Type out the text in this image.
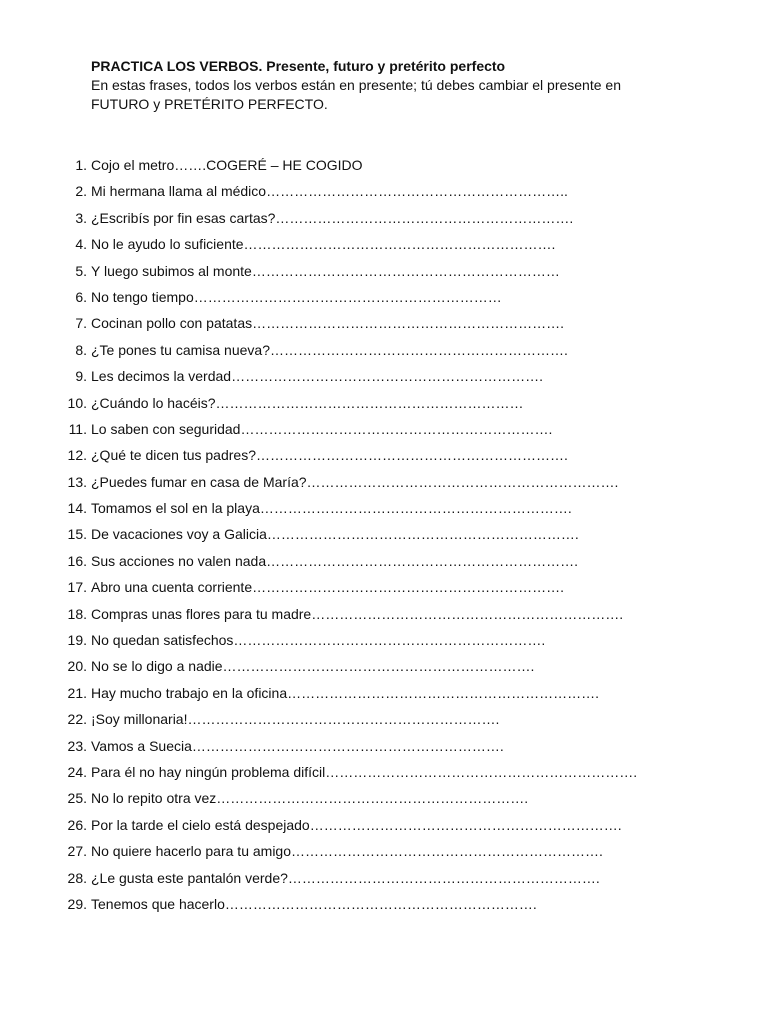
PRACTICA LOS VERBOS. Presente, futuro y pretérito perfecto

En estas frases, todos los verbos están en presente; tú debes cambiar el presente en

FUTURO y PRETÉRITO PERFECTO.

1. Cojo el metro…….COGERÉ – HE COGIDO
2. Mi hermana llama al médico………………………………………………………..
3. ¿Escribís por fin esas cartas?……………………………………………………….
4. No le ayudo lo suficiente………………………………………………………….
5. Y luego subimos al monte…………………………………………………………
6. No tengo tiempo…………………………………………………………
7. Cocinan pollo con patatas………………………………………………………….
8. ¿Te pones tu camisa nueva?……………………………………………………….
9. Les decimos la verdad………………………………………………………….
10. ¿Cuándo lo hacéis?…………………………………………………………
11. Lo saben con seguridad………………………………………………………….
12. ¿Qué te dicen tus padres?………………………………………………………….
13. ¿Puedes fumar en casa de María?………………………………………………………….
14. Tomamos el sol en la playa………………………………………………………….
15. De vacaciones voy a Galicia………………………………………………………….
16. Sus acciones no valen nada………………………………………………………….
17. Abro una cuenta corriente………………………………………………………….
18. Compras unas flores para tu madre………………………………………………………….
19. No quedan satisfechos………………………………………………………….
20. No se lo digo a nadie………………………………………………………….
21. Hay mucho trabajo en la oficina………………………………………………………….
22. ¡Soy millonaria!………………………………………………………….
23. Vamos a Suecia………………………………………………………….
24. Para él no hay ningún problema difícil………………………………………………………….
25. No lo repito otra vez………………………………………………………….
26. Por la tarde el cielo está despejado………………………………………………………….
27. No quiere hacerlo para tu amigo………………………………………………………….
28. ¿Le gusta este pantalón verde?………………………………………………………….
29. Tenemos que hacerlo………………………………………………………….
